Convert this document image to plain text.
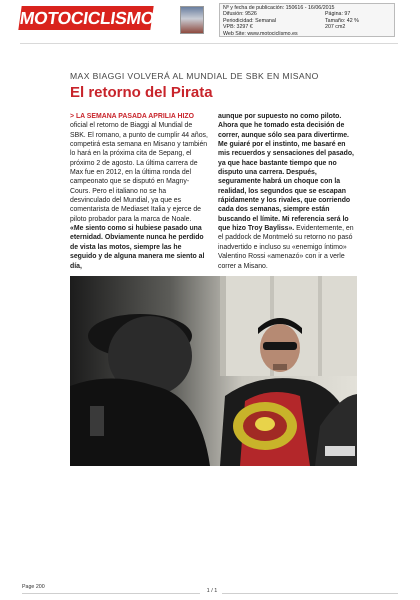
MOTOCICLISMO	Nº y fecha de publicación: 150616 - 16/06/2015
Difusión: 9526	Página: 97
Periodicidad: Semanal	Tamaño: 42 %
VPB: 3297 €	207 cm2
Web Site: www.motociclismo.es
MAX BIAGGI VOLVERÁ AL MUNDIAL DE SBK EN MISANO
El retorno del Pirata

> LA SEMANA PASADA APRILIA HIZO oficial el retorno de Biaggi al Mundial de SBK. El romano, a punto de cumplir 44 años, competirá esta semana en Misano y también lo hará en la próxima cita de Sepang, el próximo 2 de agosto. La última carrera de Max fue en 2012, en la última ronda del campeonato que se disputó en Magny-Cours. Pero el italiano no se ha desvinculado del Mundial, ya que es comentarista de Mediaset Italia y ejerce de piloto probador para la marca de Noale.

«Me siento como si hubiese pasado una eternidad. Obviamente nunca he perdido de vista las motos, siempre las he seguido y de alguna manera me siento al día,

aunque por supuesto no como piloto. Ahora que he tomado esta decisión de correr, aunque sólo sea para divertirme. Me guiaré por el instinto, me basaré en mis recuerdos y sensaciones del pasado, ya que hace bastante tiempo que no disputo una carrera. Después, seguramente habrá un choque con la realidad, los segundos que se escapan rápidamente y los rivales, que corriendo cada dos semanas, siempre están buscando el límite. Mi referencia será lo que hizo Troy Bayliss». Evidentemente, en el paddock de Montmeló su retorno no pasó inadvertido e incluso su «enemigo íntimo» Valentino Rossi «amenazó» con ir a verle correr a Misano.

Page 200
1 / 1
